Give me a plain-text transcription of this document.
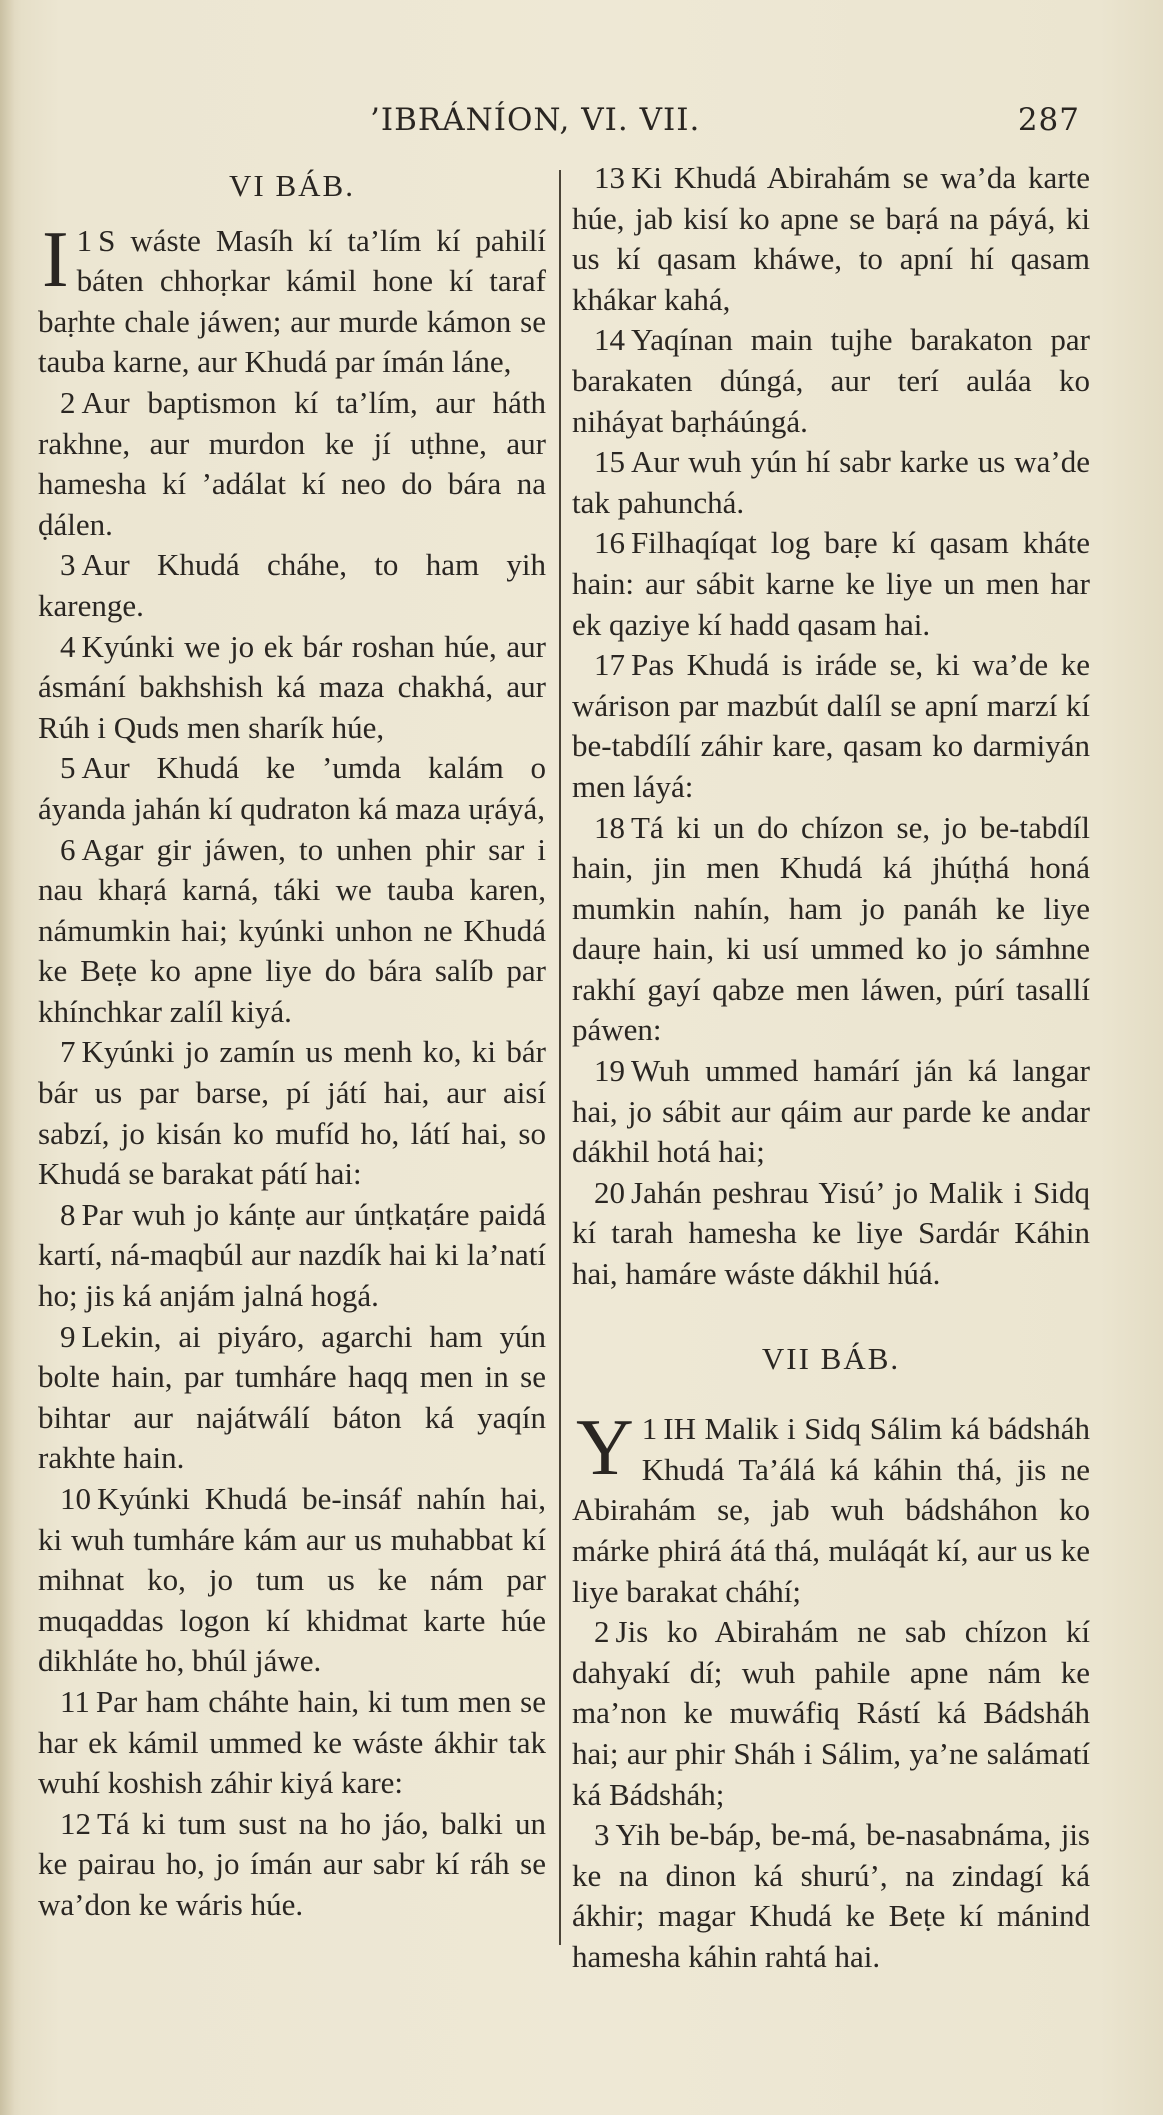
’IBRÁNÍON, VI. VII.	287
VI BÁB.

1
I S wáste Masíh kí ta’lím kí pahilí báten chhoṛkar kámil hone kí taraf baṛhte chale jáwen; aur murde kámon se tauba karne, aur Khudá par ímán láne,

2 Aur baptismon kí ta’lím, aur háth rakhne, aur murdon ke jí uṭhne, aur hamesha kí ’adálat kí neo do bára na ḍálen.

3 Aur Khudá cháhe, to ham yih karenge.

4 Kyúnki we jo ek bár roshan húe, aur ásmání bakhshish ká maza chakhá, aur Rúh i Quds men sharík húe,

5 Aur Khudá ke ’umda kalám o áyanda jahán kí qudraton ká maza uṛáyá,

6 Agar gir jáwen, to unhen phir sar i nau khaṛá karná, táki we tauba karen, námumkin hai; kyúnki unhon ne Khudá ke Beṭe ko apne liye do bára salíb par khínchkar zalíl kiyá.

7 Kyúnki jo zamín us menh ko, ki bár bár us par barse, pí játí hai, aur aisí sabzí, jo kisán ko mufíd ho, látí hai, so Khudá se barakat pátí hai:

8 Par wuh jo kánṭe aur únṭkaṭáre paidá kartí, ná-maqbúl aur nazdík hai ki la’natí ho; jis ká anjám jalná hogá.

9 Lekin, ai piyáro, agarchi ham yún bolte hain, par tumháre haqq men in se bihtar aur najátwálí báton ká yaqín rakhte hain.

10 Kyúnki Khudá be-insáf nahín hai, ki wuh tumháre kám aur us muhabbat kí mihnat ko, jo tum us ke nám par muqaddas logon kí khidmat karte húe dikhláte ho, bhúl jáwe.

11 Par ham cháhte hain, ki tum men se har ek kámil ummed ke wáste ákhir tak wuhí koshish záhir kiyá kare:

12 Tá ki tum sust na ho jáo, balki un ke pairau ho, jo ímán aur sabr kí ráh se wa’don ke wáris húe.

13 Ki Khudá Abirahám se wa’da karte húe, jab kisí ko apne se baṛá na páyá, ki us kí qasam kháwe, to apní hí qasam khákar kahá,

14 Yaqínan main tujhe barakaton par barakaten dúngá, aur terí auláa ko niháyat baṛháúngá.

15 Aur wuh yún hí sabr karke us wa’de tak pahunchá.

16 Filhaqíqat log baṛe kí qasam kháte hain: aur sábit karne ke liye un men har ek qaziye kí hadd qasam hai.

17 Pas Khudá is iráde se, ki wa’de ke wárison par mazbút dalíl se apní marzí kí be-tabdílí záhir kare, qasam ko darmiyán men láyá:

18 Tá ki un do chízon se, jo be-tabdíl hain, jin men Khudá ká jhúṭhá honá mumkin nahín, ham jo panáh ke liye dauṛe hain, ki usí ummed ko jo sámhne rakhí gayí qabze men láwen, púrí tasallí páwen:

19 Wuh ummed hamárí ján ká langar hai, jo sábit aur qáim aur parde ke andar dákhil hotá hai;

20 Jahán peshrau Yisú’ jo Malik i Sidq kí tarah hamesha ke liye Sardár Káhin hai, hamáre wáste dákhil húá.

VII BÁB.

1
Y IH Malik i Sidq Sálim ká bádsháh Khudá Ta’álá ká káhin thá, jis ne Abirahám se, jab wuh bádsháhon ko márke phirá átá thá, muláqát kí, aur us ke liye barakat cháhí;

2 Jis ko Abirahám ne sab chízon kí dahyakí dí; wuh pahile apne nám ke ma’non ke muwáfiq Rástí ká Bádsháh hai; aur phir Sháh i Sálim, ya’ne salámatí ká Bádsháh;

3 Yih be-báp, be-má, be-nasabnáma, jis ke na dinon ká shurú’, na zindagí ká ákhir; magar Khudá ke Beṭe kí mánind hamesha káhin rahtá hai.
